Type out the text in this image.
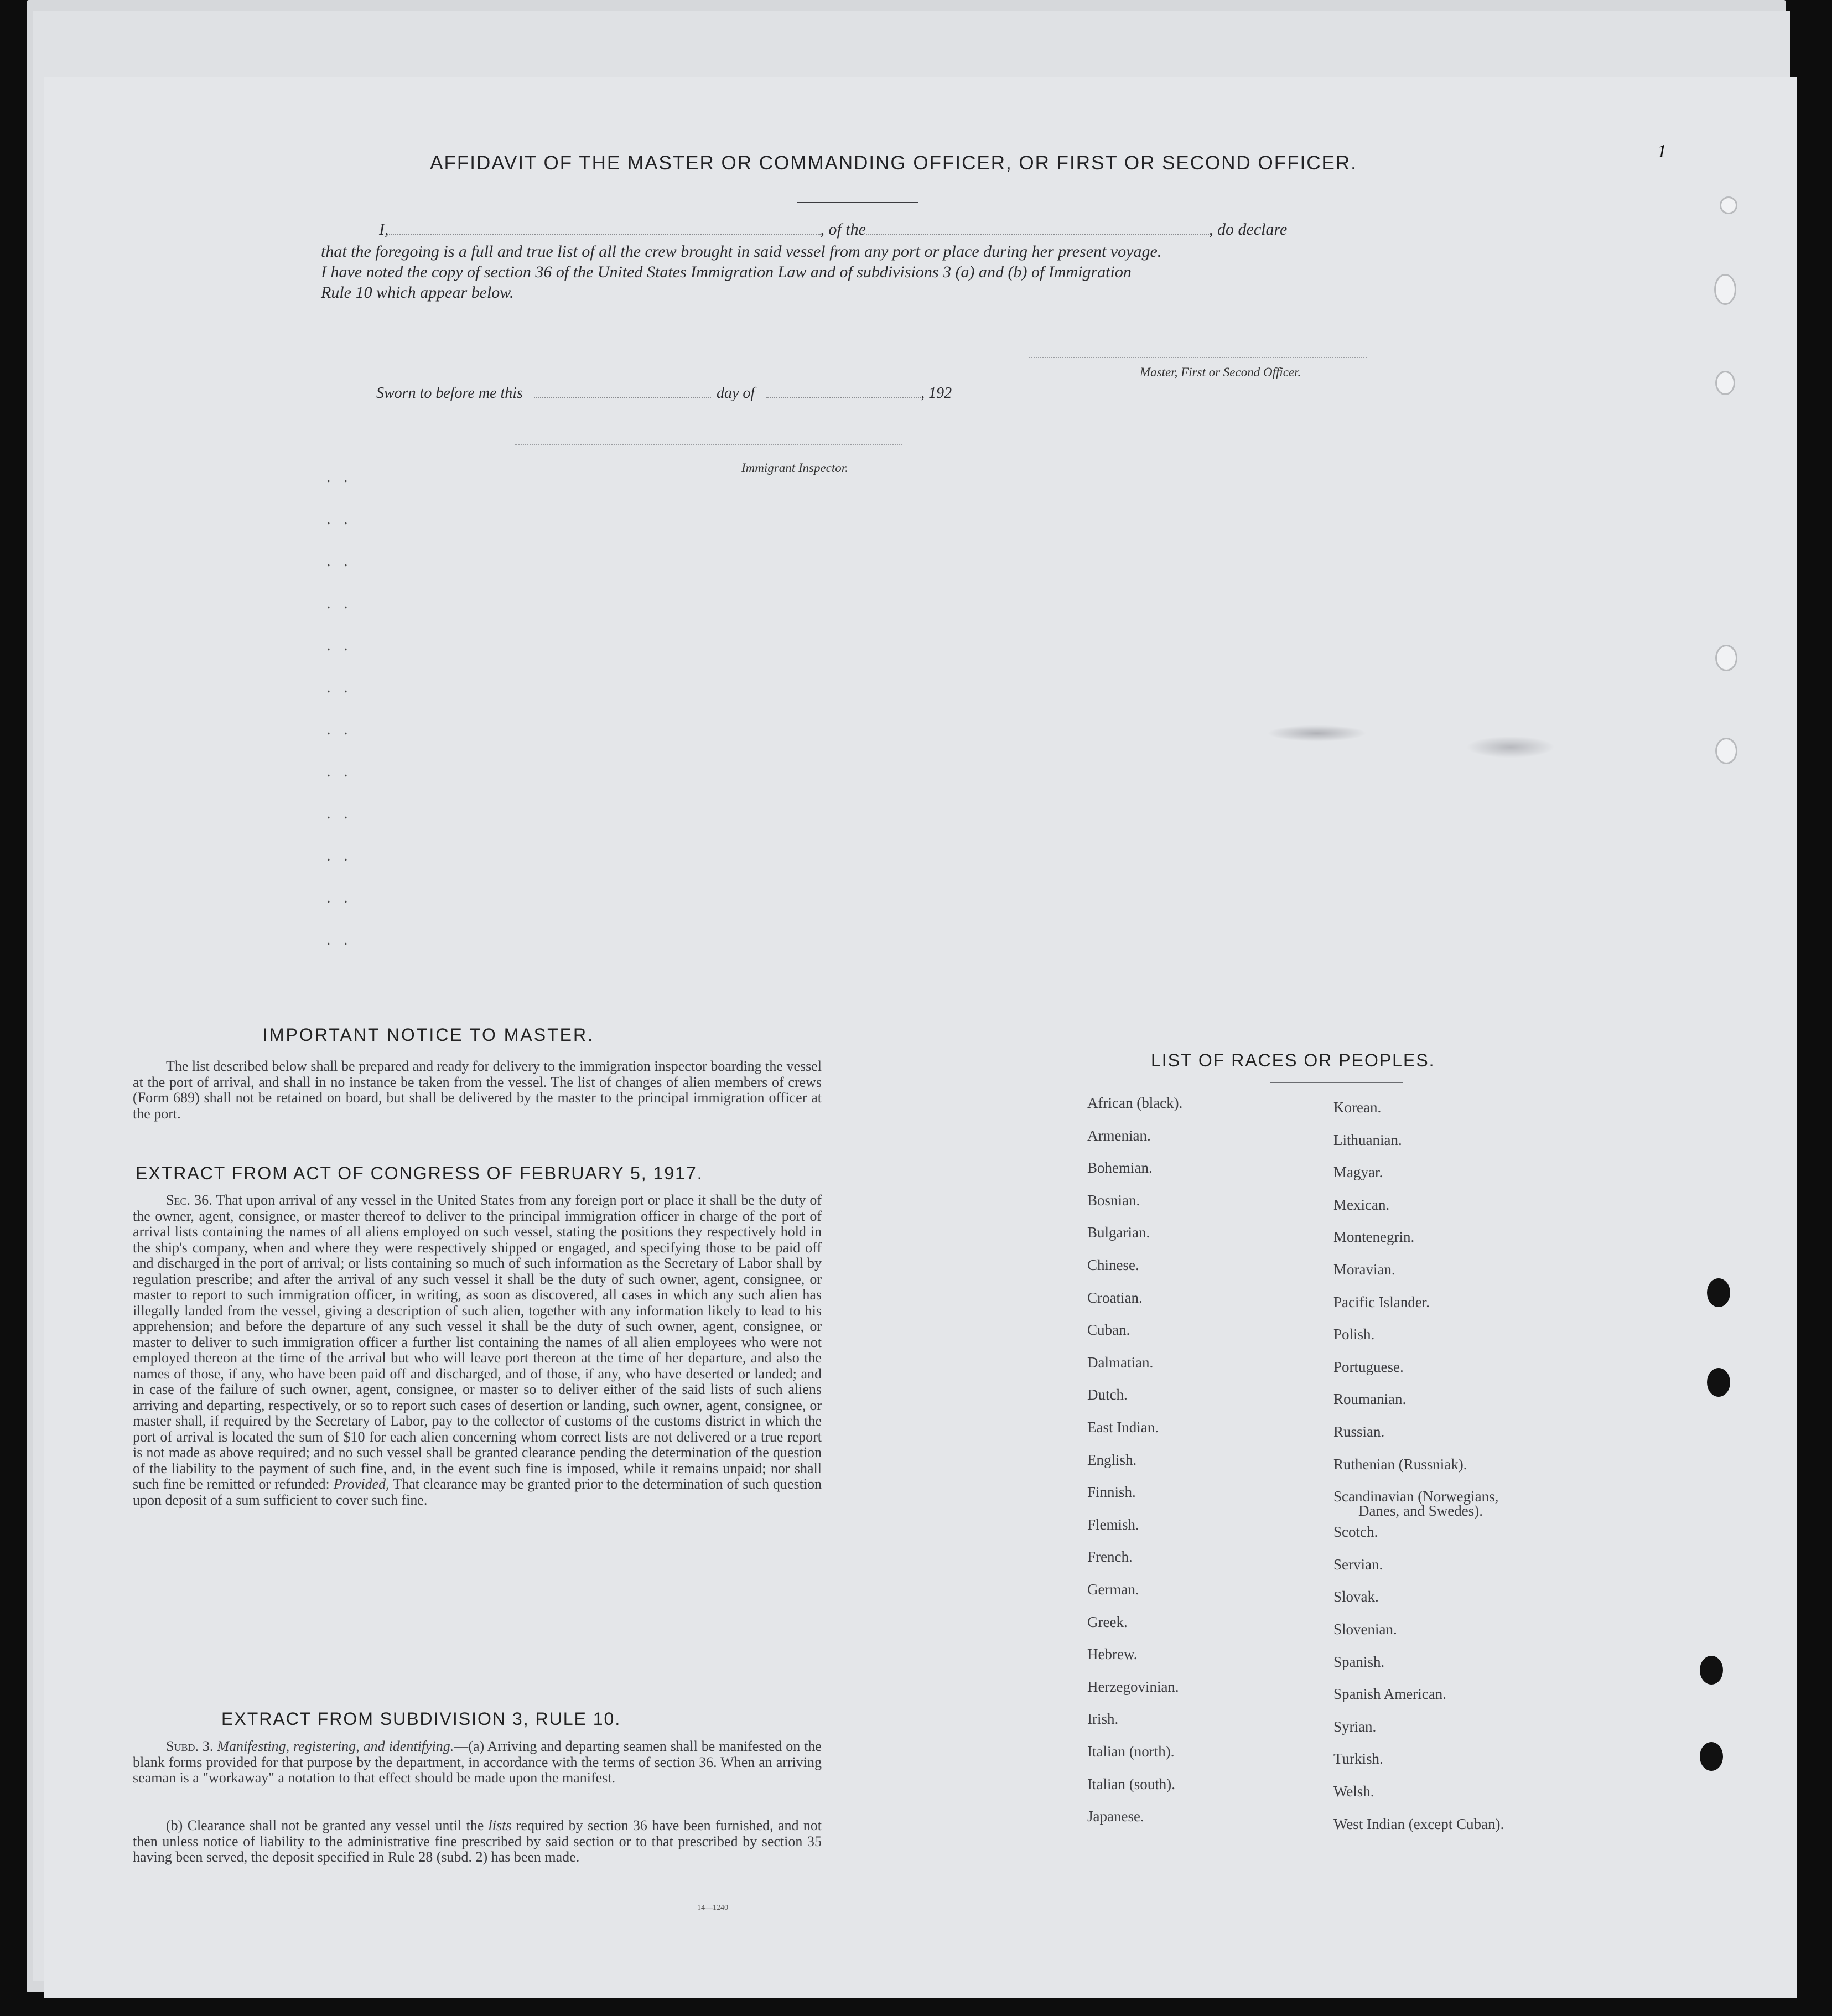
AFFIDAVIT OF THE MASTER OR COMMANDING OFFICER, OR FIRST OR SECOND OFFICER.
I,	, of the	, do declare
that the foregoing is a full and true list of all the crew brought in said vessel from any port or place during her present voyage.
I have noted the copy of section 36 of the United States Immigration Law and of subdivisions 3 (a) and (b) of Immigration
Rule 10 which appear below.
Master, First or Second Officer.
Sworn to before me this	day of	, 192
Immigrant Inspector.
. .
. .
. .
. .
. .
. .
. .
. .
. .
. .
. .
. .
1
IMPORTANT NOTICE TO MASTER.
The list described below shall be prepared and ready for delivery to the immigration inspector boarding the vessel at the port of arrival, and shall in no instance be taken from the vessel. The list of changes of alien members of crews (Form 689) shall not be retained on board, but shall be delivered by the master to the principal immigration officer at the port.
EXTRACT FROM ACT OF CONGRESS OF FEBRUARY 5, 1917.
Sec. 36. That upon arrival of any vessel in the United States from any foreign port or place it shall be the duty of the owner, agent, consignee, or master thereof to deliver to the principal immigration officer in charge of the port of arrival lists containing the names of all aliens employed on such vessel, stating the positions they respectively hold in the ship's company, when and where they were respectively shipped or engaged, and specifying those to be paid off and discharged in the port of arrival; or lists containing so much of such information as the Secretary of Labor shall by regulation prescribe; and after the arrival of any such vessel it shall be the duty of such owner, agent, consignee, or master to report to such immigration officer, in writing, as soon as discovered, all cases in which any such alien has illegally landed from the vessel, giving a description of such alien, together with any information likely to lead to his apprehension; and before the departure of any such vessel it shall be the duty of such owner, agent, consignee, or master to deliver to such immigration officer a further list containing the names of all alien employees who were not employed thereon at the time of the arrival but who will leave port thereon at the time of her departure, and also the names of those, if any, who have been paid off and discharged, and of those, if any, who have deserted or landed; and in case of the failure of such owner, agent, consignee, or master so to deliver either of the said lists of such aliens arriving and departing, respectively, or so to report such cases of desertion or landing, such owner, agent, consignee, or master shall, if required by the Secretary of Labor, pay to the collector of customs of the customs district in which the port of arrival is located the sum of $10 for each alien concerning whom correct lists are not delivered or a true report is not made as above required; and no such vessel shall be granted clearance pending the determination of the question of the liability to the payment of such fine, and, in the event such fine is imposed, while it remains unpaid; nor shall such fine be remitted or refunded: Provided, That clearance may be granted prior to the determination of such question upon deposit of a sum sufficient to cover such fine.
EXTRACT FROM SUBDIVISION 3, RULE 10.
Subd. 3. Manifesting, registering, and identifying.—(a) Arriving and departing seamen shall be manifested on the blank forms provided for that purpose by the department, in accordance with the terms of section 36. When an arriving seaman is a "workaway" a notation to that effect should be made upon the manifest.
(b) Clearance shall not be granted any vessel until the lists required by section 36 have been furnished, and not then unless notice of liability to the administrative fine prescribed by said section or to that prescribed by section 35 having been served, the deposit specified in Rule 28 (subd. 2) has been made.
14—1240
LIST OF RACES OR PEOPLES.
African (black).
Armenian.
Bohemian.
Bosnian.
Bulgarian.
Chinese.
Croatian.
Cuban.
Dalmatian.
Dutch.
East Indian.
English.
Finnish.
Flemish.
French.
German.
Greek.
Hebrew.
Herzegovinian.
Irish.
Italian (north).
Italian (south).
Japanese.
Korean.
Lithuanian.
Magyar.
Mexican.
Montenegrin.
Moravian.
Pacific Islander.
Polish.
Portuguese.
Roumanian.
Russian.
Ruthenian (Russniak).
Scandinavian (Norwegians,
Danes, and Swedes).
Scotch.
Servian.
Slovak.
Slovenian.
Spanish.
Spanish American.
Syrian.
Turkish.
Welsh.
West Indian (except Cuban).
